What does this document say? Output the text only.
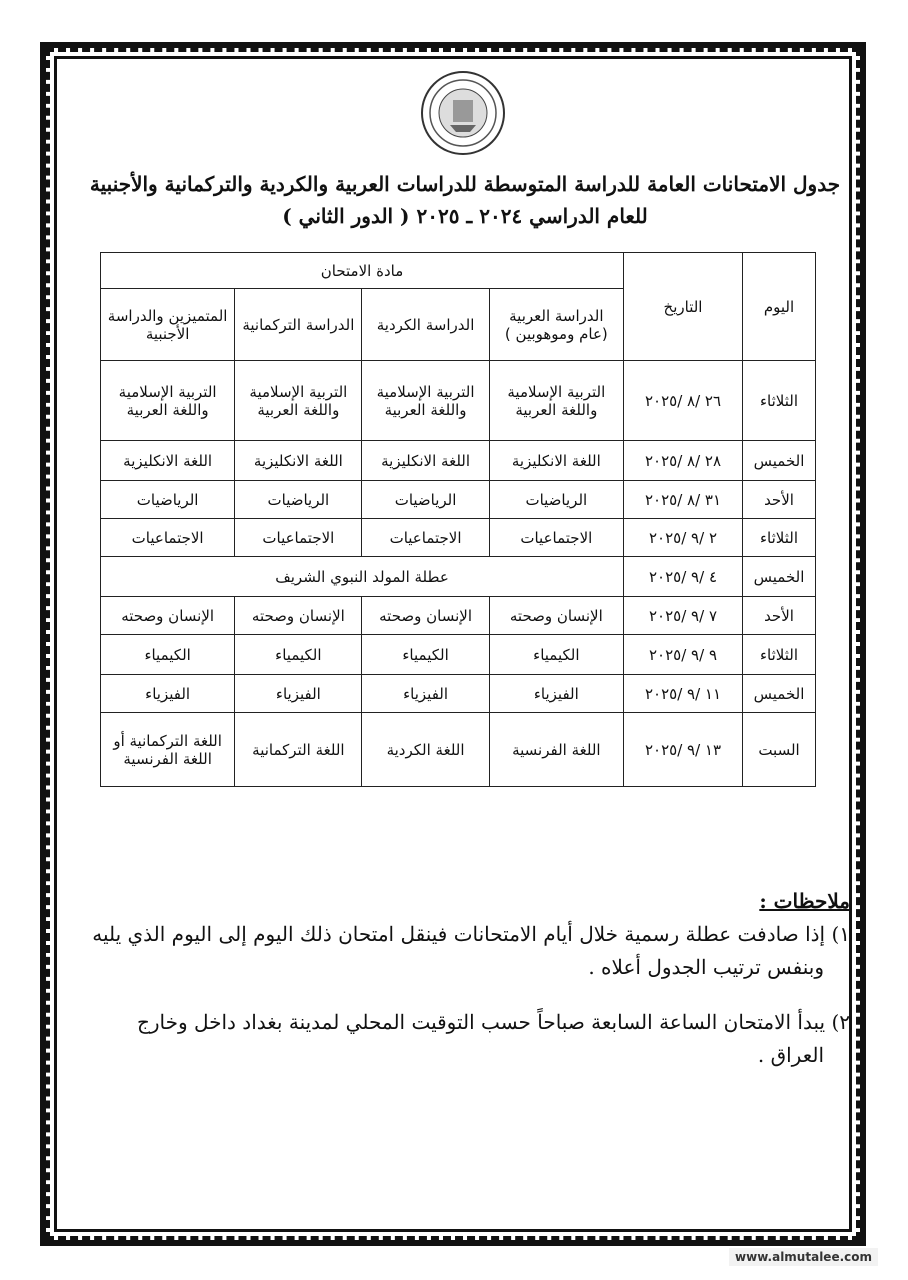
جدول الامتحانات العامة للدراسة المتوسطة للدراسات العربية والكردية والتركمانية والأجنبية
للعام الدراسي ٢٠٢٤ ـ ٢٠٢٥ ( الدور الثاني )
اليوم	التاريخ	مادة الامتحان			
		الدراسة العربية (عام وموهوبين )	الدراسة الكردية	الدراسة التركمانية	المتميزين والدراسة الأجنبية
الثلاثاء	٢٦ /٨ /٢٠٢٥	التربية الإسلامية واللغة العربية	التربية الإسلامية واللغة العربية	التربية الإسلامية واللغة العربية	التربية الإسلامية واللغة العربية
الخميس	٢٨ /٨ /٢٠٢٥	اللغة الانكليزية	اللغة الانكليزية	اللغة الانكليزية	اللغة الانكليزية
الأحد	٣١ /٨ /٢٠٢٥	الرياضيات	الرياضيات	الرياضيات	الرياضيات
الثلاثاء	٢ /٩ /٢٠٢٥	الاجتماعيات	الاجتماعيات	الاجتماعيات	الاجتماعيات
الخميس	٤ /٩ /٢٠٢٥	عطلة المولد النبوي الشريف			
الأحد	٧ /٩ /٢٠٢٥	الإنسان وصحته	الإنسان وصحته	الإنسان وصحته	الإنسان وصحته
الثلاثاء	٩ /٩ /٢٠٢٥	الكيمياء	الكيمياء	الكيمياء	الكيمياء
الخميس	١١ /٩ /٢٠٢٥	الفيزياء	الفيزياء	الفيزياء	الفيزياء
السبت	١٣ /٩ /٢٠٢٥	اللغة الفرنسية	اللغة الكردية	اللغة التركمانية	اللغة التركمانية أو اللغة الفرنسية
ملاحظات :
١) إذا صادفت عطلة رسمية خلال أيام الامتحانات فينقل امتحان ذلك اليوم إلى اليوم الذي يليه
وبنفس ترتيب الجدول أعلاه .
٢) يبدأ الامتحان الساعة السابعة صباحاً حسب التوقيت المحلي لمدينة بغداد داخل وخارج
العراق .
www.almutalee.com
